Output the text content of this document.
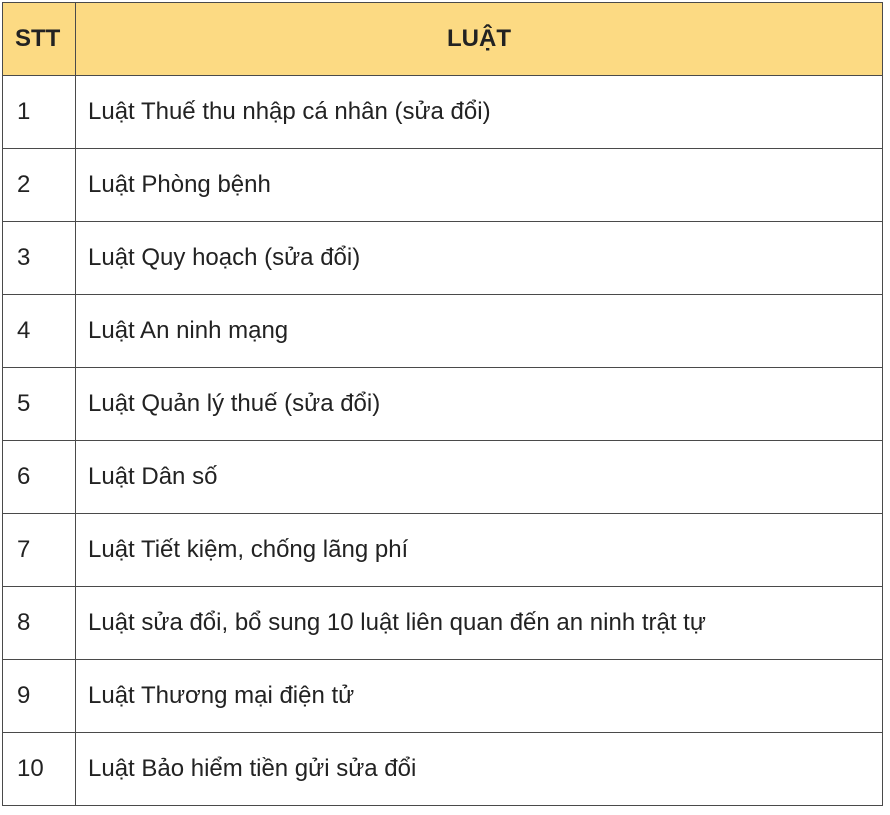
STT	LUẬT
1	Luật Thuế thu nhập cá nhân (sửa đổi)
2	Luật Phòng bệnh
3	Luật Quy hoạch (sửa đổi)
4	Luật An ninh mạng
5	Luật Quản lý thuế (sửa đổi)
6	Luật Dân số
7	Luật Tiết kiệm, chống lãng phí
8	Luật sửa đổi, bổ sung 10 luật liên quan đến an ninh trật tự
9	Luật Thương mại điện tử
10	Luật Bảo hiểm tiền gửi sửa đổi
